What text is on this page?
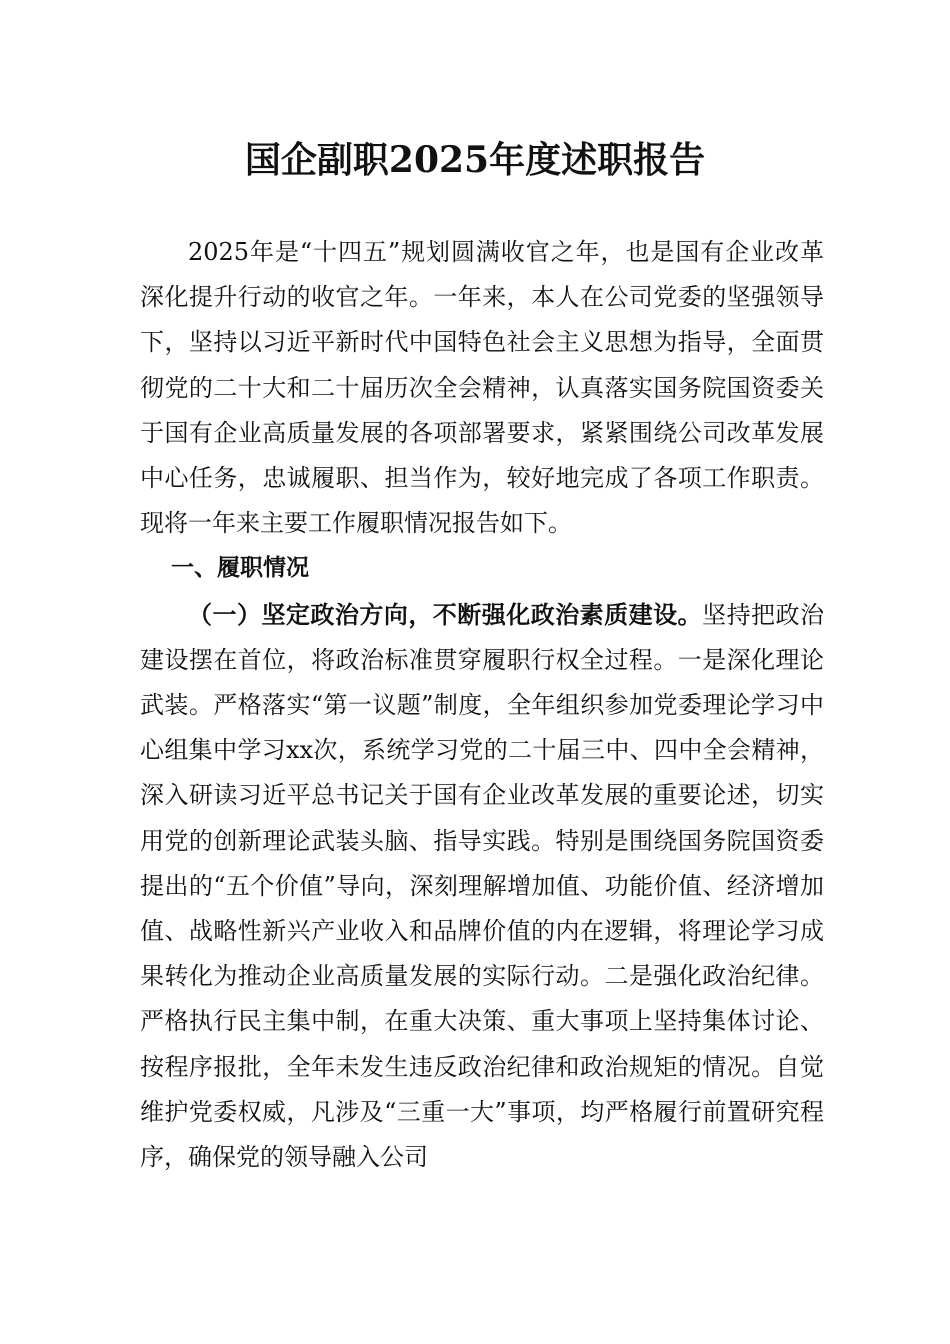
国企副职2025年度述职报告

2025年是“十四五”规划圆满收官之年，也是国有企业改革深化提升行动的收官之年。一年来，本人在公司党委的坚强领导下，坚持以习近平新时代中国特色社会主义思想为指导，全面贯彻党的二十大和二十届历次全会精神，认真落实国务院国资委关于国有企业高质量发展的各项部署要求，紧紧围绕公司改革发展中心任务，忠诚履职、担当作为，较好地完成了各项工作职责。现将一年来主要工作履职情况报告如下。

一、履职情况

（一）坚定政治方向，不断强化政治素质建设。坚持把政治建设摆在首位，将政治标准贯穿履职行权全过程。一是深化理论武装。严格落实“第一议题”制度，全年组织参加党委理论学习中心组集中学习xx次，系统学习党的二十届三中、四中全会精神，深入研读习近平总书记关于国有企业改革发展的重要论述，切实用党的创新理论武装头脑、指导实践。特别是围绕国务院国资委提出的“五个价值”导向，深刻理解增加值、功能价值、经济增加值、战略性新兴产业收入和品牌价值的内在逻辑，将理论学习成果转化为推动企业高质量发展的实际行动。二是强化政治纪律。严格执行民主集中制，在重大决策、重大事项上坚持集体讨论、按程序报批，全年未发生违反政治纪律和政治规矩的情况。自觉维护党委权威，凡涉及“三重一大”事项，均严格履行前置研究程序，确保党的领导融入公司
